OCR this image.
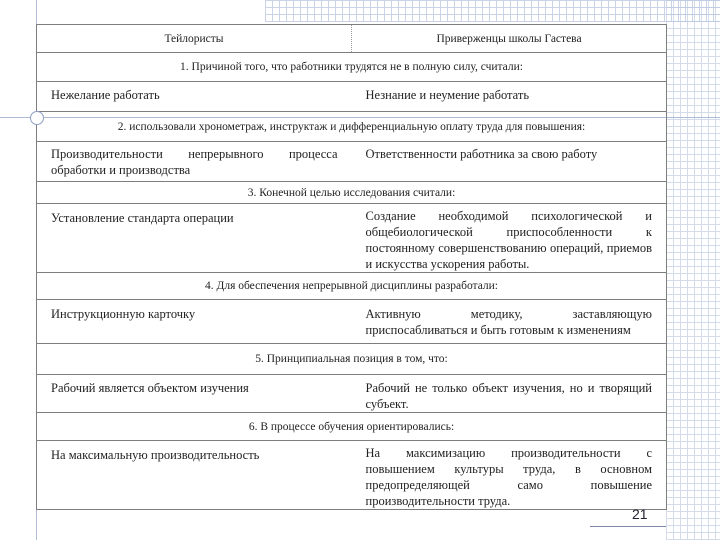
Тейлористы	Приверженцы школы Гастева
1. Причиной того, что работники трудятся не в полную силу, считали:	
Нежелание работать	Незнание и неумение работать
2. использовали хронометраж, инструктаж и дифференциальную оплату труда для повышения:	
Производительности непрерывного процесса обработки и производства	Ответственности работника за свою работу
3. Конечной целью исследования считали:	
Установление стандарта операции	Создание необходимой психологической и общебиологической приспособленности к постоянному совершенствованию операций, приемов и искусства ускорения работы.
4. Для обеспечения непрерывной дисциплины разработали:	
Инструкционную карточку	Активную методику, заставляющую приспосабливаться и быть готовым к изменениям
5. Принципиальная позиция в том, что:	
Рабочий является объектом изучения	Рабочий не только объект изучения, но и творящий субъект.
6. В процессе обучения ориентировались:	
На максимальную производительность	На максимизацию производительности с повышением культуры труда, в основном предопределяющей само повышение производительности труда.
21
